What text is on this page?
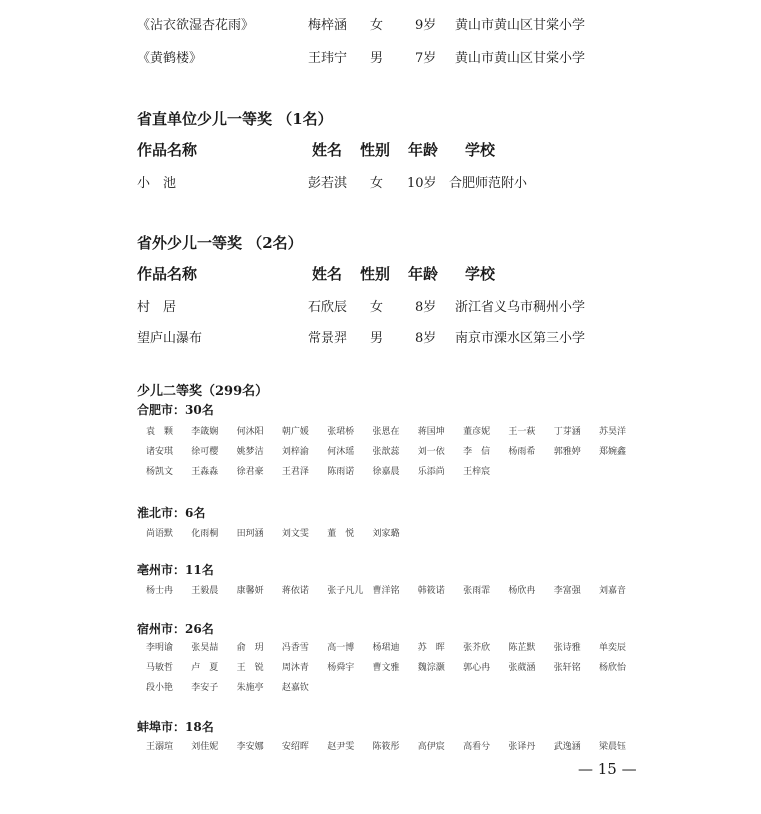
《沾衣欲湿杏花雨》	梅梓涵 女 9岁 黄山市黄山区甘棠小学
《黄鹤楼》	王玮宁 男 7岁 黄山市黄山区甘棠小学
省直单位少儿一等奖 （1名）
作品名称	姓名 性别 年龄 学校
小　池	彭若淇 女 10岁 合肥师范附小
省外少儿一等奖 （2名）
作品名称	姓名 性别 年龄 学校
村　居	石欣辰 女 8岁 浙江省义乌市稠州小学
望庐山瀑布	常景羿 男 8岁 南京市溧水区第三小学
少儿二等奖（299名）
合肥市：30名
袁　颗 李箴娴 何沐阳 朝广媛 张珺桥 张恩在 蒋国坤 董彦妮 王一萩 丁芽涵 苏昊洋
诸安琪 徐可樱 姚梦洁 刘梓渝 何沐瑶 张歆蕊 刘一依 李　信 杨雨希 郭雅婷 郑婉鑫
杨凯文 王淼淼 徐君豪 王君泽 陈雨诺 徐嘉晨 乐添尚 王梓宸
淮北市：6名
尚语默 化雨桐 田珂涵 刘文雯 董　悦 刘家璐
亳州市：11名
杨士冉 王毅晨 康馨妍 蒋依诺 张子凡儿 曹洋铭 韩筱诺 张雨霏 杨欣冉 李富强 刘嘉音
宿州市：26名
李明谕 张昊喆 俞　玥 冯香雪 高一博 杨珺迪 苏　晖 张芥欣 陈芷默 张诗雅 单奕辰
马敏哲 卢　夏 王　锐 周沐青 杨舜宇 曹文雅 魏淙灏 郭心冉 张葳涵 张轩铭 杨欣怡
段小艳 李安子 朱施亭 赵嘉钦
蚌埠市：18名
王溺瑄 刘佳妮 李安娜 安绍晖 赵尹雯 陈筱彤 高伊宸 高看兮 张译丹 武逸涵 梁晨钰
— 15 —
